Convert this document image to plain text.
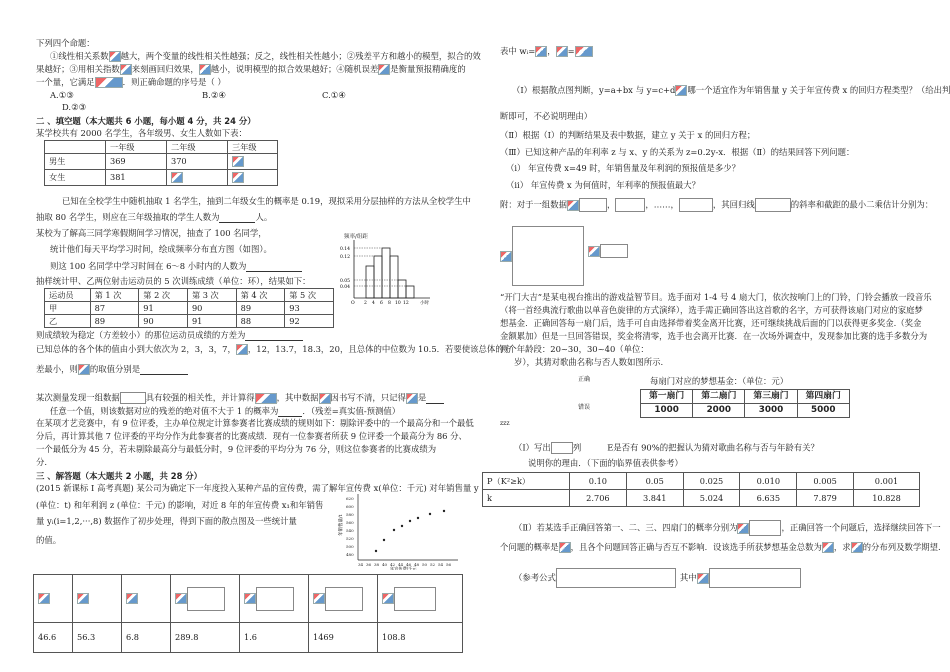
下列四个命题：
①线性相关系数 越大，两个变量的线性相关性越强；反之，线性相关性越小；②残差平方和越小的模型，拟合的效
果越好；③用相关指数 来刻画回归效果， 越小，说明模型的拟合效果越好；④随机误差 是衡量预报精确度的
一个量，它满足	．则正确命题的序号是（ ）
A.①③	B.②④	C.①④
D.②③
二 、填空题（本大题共 6 小题，每小题 4 分，共 24 分）
某学校共有 2000 名学生，各年级男、女生人数如下表：
	一年级	二年级	三年级
男生	369	370	
女生	381		
已知在全校学生中随机抽取 1 名学生，抽到二年级女生的概率是 0.19，现拟采用分层抽样的方法从全校学生中
抽取 80 名学生，则应在三年级抽取的学生人数为	人。
某校为了解高三同学寒假期间学习情况，抽查了 100 名同学，
统计他们每天平均学习时间，绘成频率分布直方图（如图）。
则这 100 名同学中学习时间在 6～8 小时内的人数为
频率/组距
0.14
0.12
0.05
0.04
O 2 4 6 8 10 12	小时
抽样统计甲、乙两位射击运动员的 5 次训练成绩（单位：环），结果如下：
运动员	第 1 次	第 2 次	第 3 次	第 4 次	第 5 次
甲	87	91	90	89	93
乙	89	90	91	88	92
则成绩较为稳定（方差较小）的那位运动员成绩的方差为
已知总体的各个体的值由小到大依次为 2，3，3，7， ，12，13.7，18.3，20，且总体的中位数为 10.5．若要使该总体的方
差最小，则 的取值分别是
某次测量发现一组数据	具有较强的相关性，并计算得	，其中数据 因书写不清，只记得 是
任意一个值，则该数据对应的残差的绝对值不大于 1 的概率为	．（残差=真实值-预测值）
在某项才艺竞赛中，有 9 位评委，主办单位规定计算参赛者比赛成绩的规则如下：剔除评委中的一个最高分和一个最低
分后，再计算其他 7 位评委的平均分作为此参赛者的比赛成绩．现有一位参赛者所获 9 位评委一个最高分为 86 分、
一个最低分为 45 分，若未剔除最高分与最低分时，9 位评委的平均分为 76 分，则这位参赛者的比赛成绩为
分.
三 、解答题（本大题共 2 小题，共 28 分）
(2015 新课标 I 高考真题) 某公司为确定下一年度投入某种产品的宣传费，需了解年宣传费 x(单位：千元) 对年销售量 y
(单位：t) 和年利润 z (单位：千元) 的影响，对近 8 年的年宣传费 x₁和年销售
量 yᵢ(i=1,2,···,8) 数据作了初步处理，得到下面的散点图及一些统计量
的值。
年销售量/t
620
600
580
560
540
520
500
480
34 36 38 40 42 44 46 48 50 52 54 56
年宣传费/千元

46.6	56.3	6.8	289.8	1.6	1469	108.8
表中 wᵢ= ， =
（Ⅰ）根据散点图判断，y=a+bx 与 y=c+d 哪一个适宜作为年销售量 y 关于年宣传费 x 的回归方程类型？（给出判
断即可，不必说明理由）
（Ⅱ）根据（Ⅰ）的判断结果及表中数据，建立 y 关于 x 的回归方程；
（Ⅲ）已知这种产品的年利率 z 与 x、y 的关系为 z=0.2y-x．根据（Ⅱ）的结果回答下列问题：
（i） 年宣传费 x=49 时，年销售量及年利润的预报值是多少？
（ii） 年宣传费 x 为何值时，年利率的预报值最大？
附：对于一组数据	，	，……，	，其回归线	的斜率和截距的最小二乘估计分别为：
“开门大吉”是某电视台推出的游戏益智节目。选手面对 1-4 号 4 扇大门，依次按响门上的门铃，门铃会播放一段音乐
（将一首经典流行歌曲以单音色旋律的方式演绎），选手需正确回答出这首歌的名字，方可获得该扇门对应的家庭梦
想基金．正确回答每一扇门后，选手可自由选择带着奖金离开比赛，还可继续挑战后面的门以获得更多奖金.（奖金
金额累加）但是一旦回答错误，奖金将清零，选手也会离开比赛．在一次场外调查中，发现参加比赛的选手多数分为
两个年龄段：20~30，30~40（单位：
岁），其猜对歌曲名称与否人数如图所示.
正确	每扇门对应的梦想基金：（单位：元）
第一扇门	第二扇门	第三扇门	第四扇门
1000	2000	3000	5000
错误
zzz
（Ⅰ）写出	列	E是否有 90%的把握认为猜对歌曲名称与否与年龄有关？
说明你的理由．（下面的临界值表供参考）
P（K²≥k）	0.10	0.05	0.025	0.010	0.005	0.001
k	2.706	3.841	5.024	6.635	7.879	10.828
（Ⅱ）若某选手正确回答第一、二、三、四扇门的概率分别为	，正确回答一个问题后，选择继续回答下一
个问题的概率是 ，且各个问题回答正确与否互不影响．设该选手所获梦想基金总数为 ，求 的分布列及数学期望.
（参考公式	其中
